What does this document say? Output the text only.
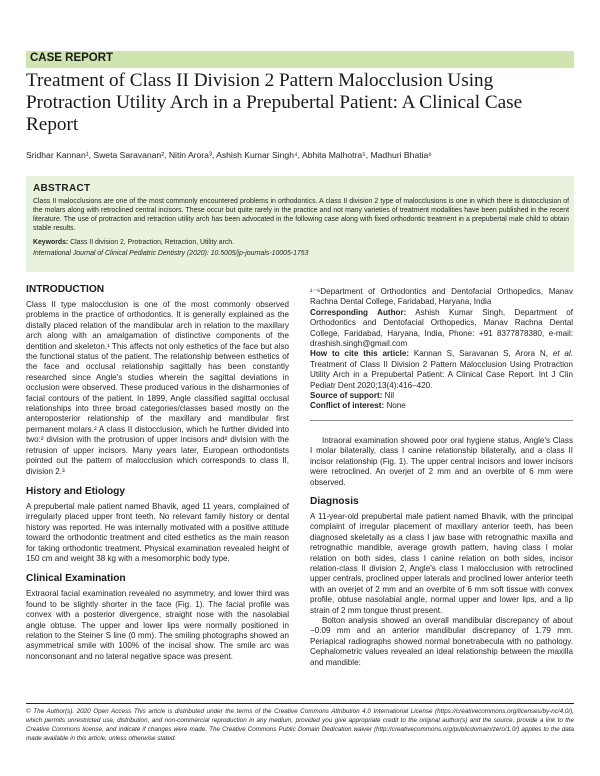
CASE REPORT
Treatment of Class II Division 2 Pattern Malocclusion Using Protraction Utility Arch in a Prepubertal Patient: A Clinical Case Report
Sridhar Kannan¹, Sweta Saravanan², Nitin Arora³, Ashish Kumar Singh⁴, Abhita Malhotra⁵, Madhuri Bhatia⁶
ABSTRACT
Class II malocclusions are one of the most commonly encountered problems in orthodontics. A class II division 2 type of malocclusions is one in which there is distocclusion of the molars along with retroclined central incisors. These occur but quite rarely in the practice and not many varieties of treatment modalities have been published in the recent literature. The use of protraction and retraction utility arch has been advocated in the following case along with fixed orthodontic treatment in a prepubertal male child to obtain stable results.
Keywords: Class II division 2, Protraction, Retraction, Utility arch.
International Journal of Clinical Pediatric Dentistry (2020): 10.5005/jp-journals-10005-1753
INTRODUCTION

Class II type malocclusion is one of the most commonly observed problems in the practice of orthodontics. It is generally explained as the distally placed relation of the mandibular arch in relation to the maxillary arch along with an amalgamation of distinctive components of the dentition and skeleton.¹ This affects not only esthetics of the face but also the functional status of the patient. The relationship between esthetics of the face and occlusal relationship sagittally has been constantly researched since Angle's studies wherein the sagittal deviations in occlusion were observed. These produced various in the disharmonies of facial contours of the patient. In 1899, Angle classified sagittal occlusal relationships into three broad categories/classes based mostly on the anteroposterior relationship of the maxillary and mandibular first permanent molars.² A class II distocclusion, which he further divided into two:² division with the protrusion of upper incisors and² division with the retrusion of upper incisors. Many years later, European orthodontists pointed out the pattern of malocclusion which corresponds to class II, division 2.³

History and Etiology

A prepubertal male patient named Bhavik, aged 11 years, complained of irregularly placed upper front teeth. No relevant family history or dental history was reported. He was internally motivated with a positive attitude toward the orthodontic treatment and cited esthetics as the main reason for taking orthodontic treatment. Physical examination revealed height of 150 cm and weight 38 kg with a mesomorphic body type.

Clinical Examination

Extraoral facial examination revealed no asymmetry, and lower third was found to be slightly shorter in the face (Fig. 1). The facial profile was convex with a posterior divergence, straight nose with the nasolabial angle obtuse. The upper and lower lips were normally positioned in relation to the Steiner S line (0 mm). The smiling photographs showed an asymmetrical smile with 100% of the incisal show. The smile arc was nonconsonant and no lateral negative space was present.

¹⁻⁶Department of Orthodontics and Dentofacial Orthopedics, Manav Rachna Dental College, Faridabad, Haryana, India

Corresponding Author: Ashish Kumar Singh, Department of Orthodontics and Dentofacial Orthopedics, Manav Rachna Dental College, Faridabad, Haryana, India, Phone: +91 8377878380, e-mail: drashish.singh@gmail.com

How to cite this article: Kannan S, Saravanan S, Arora N, et al. Treatment of Class II Division 2 Pattern Malocclusion Using Protraction Utility Arch in a Prepubertal Patient: A Clinical Case Report. Int J Clin Pediatr Dent 2020;13(4):416–420.

Source of support: Nil

Conflict of interest: None

Intraoral examination showed poor oral hygiene status, Angle's Class I molar bilaterally, class I canine relationship bilaterally, and a class II incisor relationship (Fig. 1). The upper central incisors and lower incisors were retroclined. An overjet of 2 mm and an overbite of 6 mm were observed.
Diagnosis

A 11-year-old prepubertal male patient named Bhavik, with the principal complaint of irregular placement of maxillary anterior teeth, has been diagnosed skeletally as a class I jaw base with retrognathic maxilla and retrognathic mandible, average growth pattern, having class I molar relation on both sides, class I canine relation on both sides, incisor relation-class II division 2, Angle's class I malocclusion with retroclined upper centrals, proclined upper laterals and proclined lower anterior teeth with an overjet of 2 mm and an overbite of 6 mm soft tissue with convex profile, obtuse nasolabial angle, normal upper and lower lips, and a lip strain of 2 mm tongue thrust present.

Bolton analysis showed an overall mandibular discrepancy of about −0.09 mm and an anterior mandibular discrepancy of 1.79 mm. Periapical radiographs showed normal bonetrabecula with no pathology. Cephalometric values revealed an ideal relationship between the maxilla and mandible:

© The Author(s). 2020 Open Access This article is distributed under the terms of the Creative Commons Attribution 4.0 International License (https://creativecommons.org/licenses/by-nc/4.0/), which permits unrestricted use, distribution, and non-commercial reproduction in any medium, provided you give appropriate credit to the original author(s) and the source, provide a link to the Creative Commons license, and indicate if changes were made. The Creative Commons Public Domain Dedication waiver (http://creativecommons.org/publicdomain/zero/1.0/) applies to the data made available in this article, unless otherwise stated.
